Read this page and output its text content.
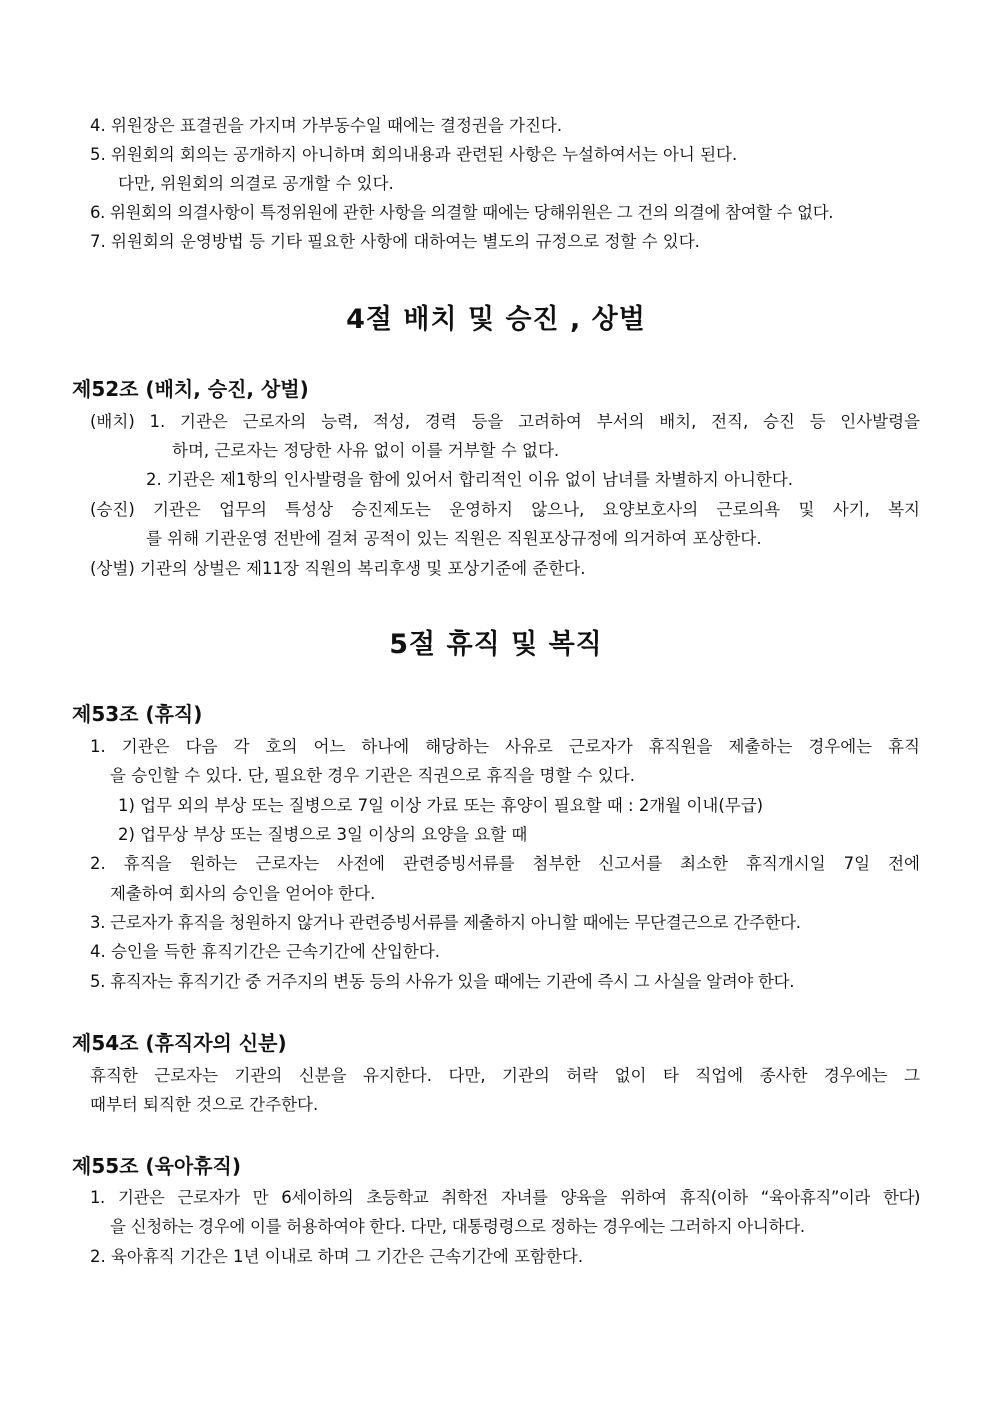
4. 위원장은 표결권을 가지며 가부동수일 때에는 결정권을 가진다.
5. 위원회의 회의는 공개하지 아니하며 회의내용과 관련된 사항은 누설하여서는 아니 된다.
다만, 위원회의 의결로 공개할 수 있다.
6. 위원회의 의결사항이 특정위원에 관한 사항을 의결할 때에는 당해위원은 그 건의 의결에 참여할 수 없다.
7. 위원회의 운영방법 등 기타 필요한 사항에 대하여는 별도의 규정으로 정할 수 있다.
4절 배치 및 승진 , 상벌
제52조 (배치, 승진, 상벌)
(배치) 1. 기관은 근로자의 능력, 적성, 경력 등을 고려하여 부서의 배치, 전직, 승진 등 인사발령을
하며, 근로자는 정당한 사유 없이 이를 거부할 수 없다.
2. 기관은 제1항의 인사발령을 함에 있어서 합리적인 이유 없이 남녀를 차별하지 아니한다.
(승진) 기관은 업무의 특성상 승진제도는 운영하지 않으나, 요양보호사의 근로의욕 및 사기, 복지
를 위해 기관운영 전반에 걸쳐 공적이 있는 직원은 직원포상규정에 의거하여 포상한다.
(상벌) 기관의 상벌은 제11장 직원의 복리후생 및 포상기준에 준한다.
5절 휴직 및 복직
제53조 (휴직)
1. 기관은 다음 각 호의 어느 하나에 해당하는 사유로 근로자가 휴직원을 제출하는 경우에는 휴직
을 승인할 수 있다. 단, 필요한 경우 기관은 직권으로 휴직을 명할 수 있다.
1) 업무 외의 부상 또는 질병으로 7일 이상 가료 또는 휴양이 필요할 때 : 2개월 이내(무급)
2) 업무상 부상 또는 질병으로 3일 이상의 요양을 요할 때
2. 휴직을 원하는 근로자는 사전에 관련증빙서류를 첨부한 신고서를 최소한 휴직개시일 7일 전에
제출하여 회사의 승인을 얻어야 한다.
3. 근로자가 휴직을 청원하지 않거나 관련증빙서류를 제출하지 아니할 때에는 무단결근으로 간주한다.
4. 승인을 득한 휴직기간은 근속기간에 산입한다.
5. 휴직자는 휴직기간 중 거주지의 변동 등의 사유가 있을 때에는 기관에 즉시 그 사실을 알려야 한다.
제54조 (휴직자의 신분)
휴직한 근로자는 기관의 신분을 유지한다. 다만, 기관의 허락 없이 타 직업에 종사한 경우에는 그
때부터 퇴직한 것으로 간주한다.
제55조 (육아휴직)
1. 기관은 근로자가 만 6세이하의 초등학교 취학전 자녀를 양육을 위하여 휴직(이하 “육아휴직”이라 한다)
을 신청하는 경우에 이를 허용하여야 한다. 다만, 대통령령으로 정하는 경우에는 그러하지 아니하다.
2. 육아휴직 기간은 1년 이내로 하며 그 기간은 근속기간에 포함한다.
